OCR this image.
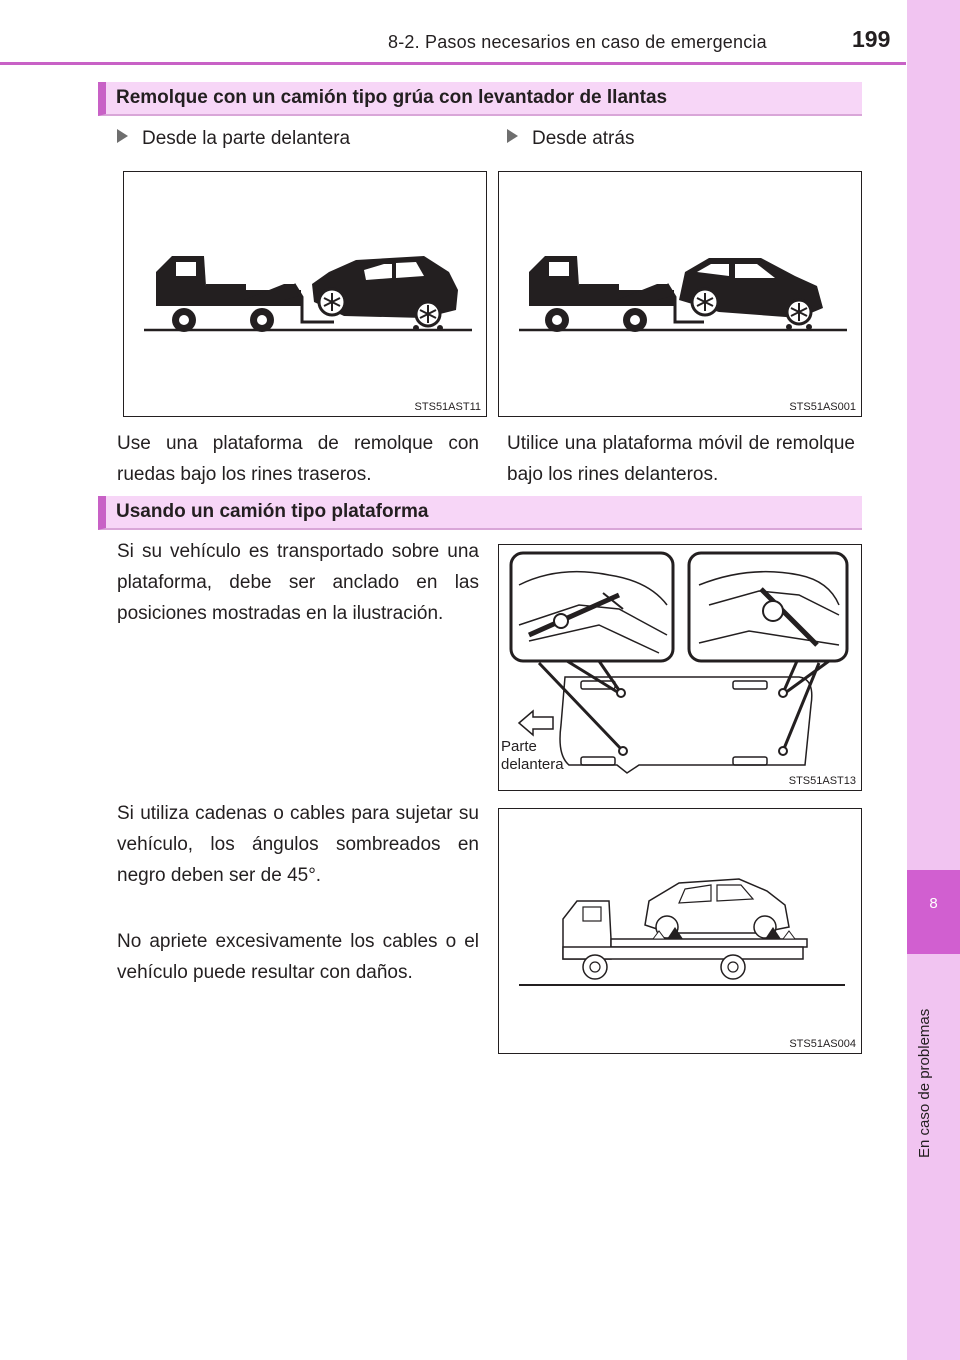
8-2. Pasos necesarios en caso de emergencia	199
8
En caso de problemas
Remolque con un camión tipo grúa con levantador de llantas
Desde la parte delantera	Desde atrás
STS51AST11	STS51AS001
Use una plataforma de remolque con ruedas bajo los rines traseros.
Utilice una plataforma móvil de remolque bajo los rines delanteros.
Usando un camión tipo plataforma
Si su vehículo es transportado sobre una plataforma, debe ser anclado en las posiciones mostradas en la ilustración.
Parte
delantera
STS51AST13
Si utiliza cadenas o cables para sujetar su vehículo, los ángulos sombreados en negro deben ser de 45°.
No apriete excesivamente los cables o el vehículo puede resultar con daños.
STS51AS004
